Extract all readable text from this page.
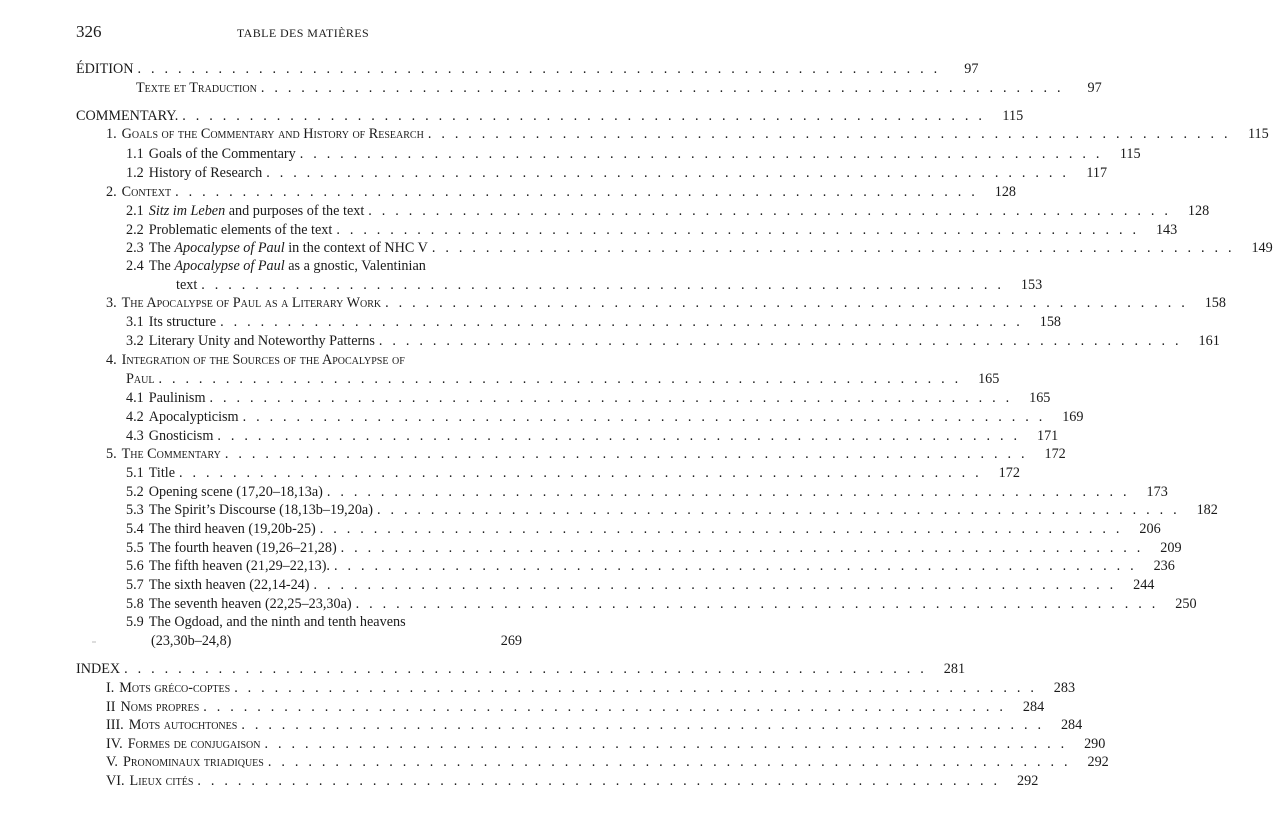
326	TABLE DES MATIÈRES
ÉDITION . . . . . . . . . . . . . . . . . . . . . . . . . . . . . . . . . . . . . . . . . . . . . . . . . . . . . . . . . . . .	97
Texte et Traduction . . . . . . . . . . . . . . . . . . . . . . . . . . . . . . . . . . . . . . . . . . . . . . . . . . . . . . . . . . . .	97
COMMENTARY. . . . . . . . . . . . . . . . . . . . . . . . . . . . . . . . . . . . . . . . . . . . . . . . . . . . . . . . . . . . .	115
1. Goals of the Commentary and History of Research . . . . . . . . . . . . . . . . . . . . . . . . . . . . . . . . . . . . . . . . . . . . . . . . . . . . . . . . . . . .	115
1.1 Goals of the Commentary . . . . . . . . . . . . . . . . . . . . . . . . . . . . . . . . . . . . . . . . . . . . . . . . . . . . . . . . . . . .	115
1.2 History of Research . . . . . . . . . . . . . . . . . . . . . . . . . . . . . . . . . . . . . . . . . . . . . . . . . . . . . . . . . . . .	117
2. Context . . . . . . . . . . . . . . . . . . . . . . . . . . . . . . . . . . . . . . . . . . . . . . . . . . . . . . . . . . . .	128
2.1 Sitz im Leben and purposes of the text . . . . . . . . . . . . . . . . . . . . . . . . . . . . . . . . . . . . . . . . . . . . . . . . . . . . . . . . . . . .	128
2.2 Problematic elements of the text . . . . . . . . . . . . . . . . . . . . . . . . . . . . . . . . . . . . . . . . . . . . . . . . . . . . . . . . . . . .	143
2.3 The Apocalypse of Paul in the context of NHC V . . . . . . . . . . . . . . . . . . . . . . . . . . . . . . . . . . . . . . . . . . . . . . . . . . . . . . . . . . . .	149
2.4 The Apocalypse of Paul as a gnostic, Valentinian
text . . . . . . . . . . . . . . . . . . . . . . . . . . . . . . . . . . . . . . . . . . . . . . . . . . . . . . . . . . . .	153
3. The Apocalypse of Paul as a Literary Work . . . . . . . . . . . . . . . . . . . . . . . . . . . . . . . . . . . . . . . . . . . . . . . . . . . . . . . . . . . .	158
3.1 Its structure . . . . . . . . . . . . . . . . . . . . . . . . . . . . . . . . . . . . . . . . . . . . . . . . . . . . . . . . . . . .	158
3.2 Literary Unity and Noteworthy Patterns . . . . . . . . . . . . . . . . . . . . . . . . . . . . . . . . . . . . . . . . . . . . . . . . . . . . . . . . . . . .	161
4. Integration of the Sources of the Apocalypse of
Paul . . . . . . . . . . . . . . . . . . . . . . . . . . . . . . . . . . . . . . . . . . . . . . . . . . . . . . . . . . . .	165
4.1 Paulinism . . . . . . . . . . . . . . . . . . . . . . . . . . . . . . . . . . . . . . . . . . . . . . . . . . . . . . . . . . . .	165
4.2 Apocalypticism . . . . . . . . . . . . . . . . . . . . . . . . . . . . . . . . . . . . . . . . . . . . . . . . . . . . . . . . . . . .	169
4.3 Gnosticism . . . . . . . . . . . . . . . . . . . . . . . . . . . . . . . . . . . . . . . . . . . . . . . . . . . . . . . . . . . .	171
5. The Commentary . . . . . . . . . . . . . . . . . . . . . . . . . . . . . . . . . . . . . . . . . . . . . . . . . . . . . . . . . . . .	172
5.1 Title . . . . . . . . . . . . . . . . . . . . . . . . . . . . . . . . . . . . . . . . . . . . . . . . . . . . . . . . . . . .	172
5.2 Opening scene (17,20–18,13a) . . . . . . . . . . . . . . . . . . . . . . . . . . . . . . . . . . . . . . . . . . . . . . . . . . . . . . . . . . . .	173
5.3 The Spirit’s Discourse (18,13b–19,20a) . . . . . . . . . . . . . . . . . . . . . . . . . . . . . . . . . . . . . . . . . . . . . . . . . . . . . . . . . . . .	182
5.4 The third heaven (19,20b-25) . . . . . . . . . . . . . . . . . . . . . . . . . . . . . . . . . . . . . . . . . . . . . . . . . . . . . . . . . . . .	206
5.5 The fourth heaven (19,26–21,28) . . . . . . . . . . . . . . . . . . . . . . . . . . . . . . . . . . . . . . . . . . . . . . . . . . . . . . . . . . . .	209
5.6 The fifth heaven (21,29–22,13). . . . . . . . . . . . . . . . . . . . . . . . . . . . . . . . . . . . . . . . . . . . . . . . . . . . . . . . . . . . .	236
5.7 The sixth heaven (22,14-24) . . . . . . . . . . . . . . . . . . . . . . . . . . . . . . . . . . . . . . . . . . . . . . . . . . . . . . . . . . . .	244
5.8 The seventh heaven (22,25–23,30a) . . . . . . . . . . . . . . . . . . . . . . . . . . . . . . . . . . . . . . . . . . . . . . . . . . . . . . . . . . . .	250
5.9 The Ogdoad, and the ninth and tenth heavens
(23,30b–24,8)	269
INDEX . . . . . . . . . . . . . . . . . . . . . . . . . . . . . . . . . . . . . . . . . . . . . . . . . . . . . . . . . . . .	281
I. Mots gréco-coptes . . . . . . . . . . . . . . . . . . . . . . . . . . . . . . . . . . . . . . . . . . . . . . . . . . . . . . . . . . . .	283
II Noms propres . . . . . . . . . . . . . . . . . . . . . . . . . . . . . . . . . . . . . . . . . . . . . . . . . . . . . . . . . . . .	284
III. Mots autochtones . . . . . . . . . . . . . . . . . . . . . . . . . . . . . . . . . . . . . . . . . . . . . . . . . . . . . . . . . . . .	284
IV. Formes de conjugaison . . . . . . . . . . . . . . . . . . . . . . . . . . . . . . . . . . . . . . . . . . . . . . . . . . . . . . . . . . . .	290
V. Pronominaux triadiques . . . . . . . . . . . . . . . . . . . . . . . . . . . . . . . . . . . . . . . . . . . . . . . . . . . . . . . . . . . .	292
VI. Lieux cités . . . . . . . . . . . . . . . . . . . . . . . . . . . . . . . . . . . . . . . . . . . . . . . . . . . . . . . . . . . .	292
